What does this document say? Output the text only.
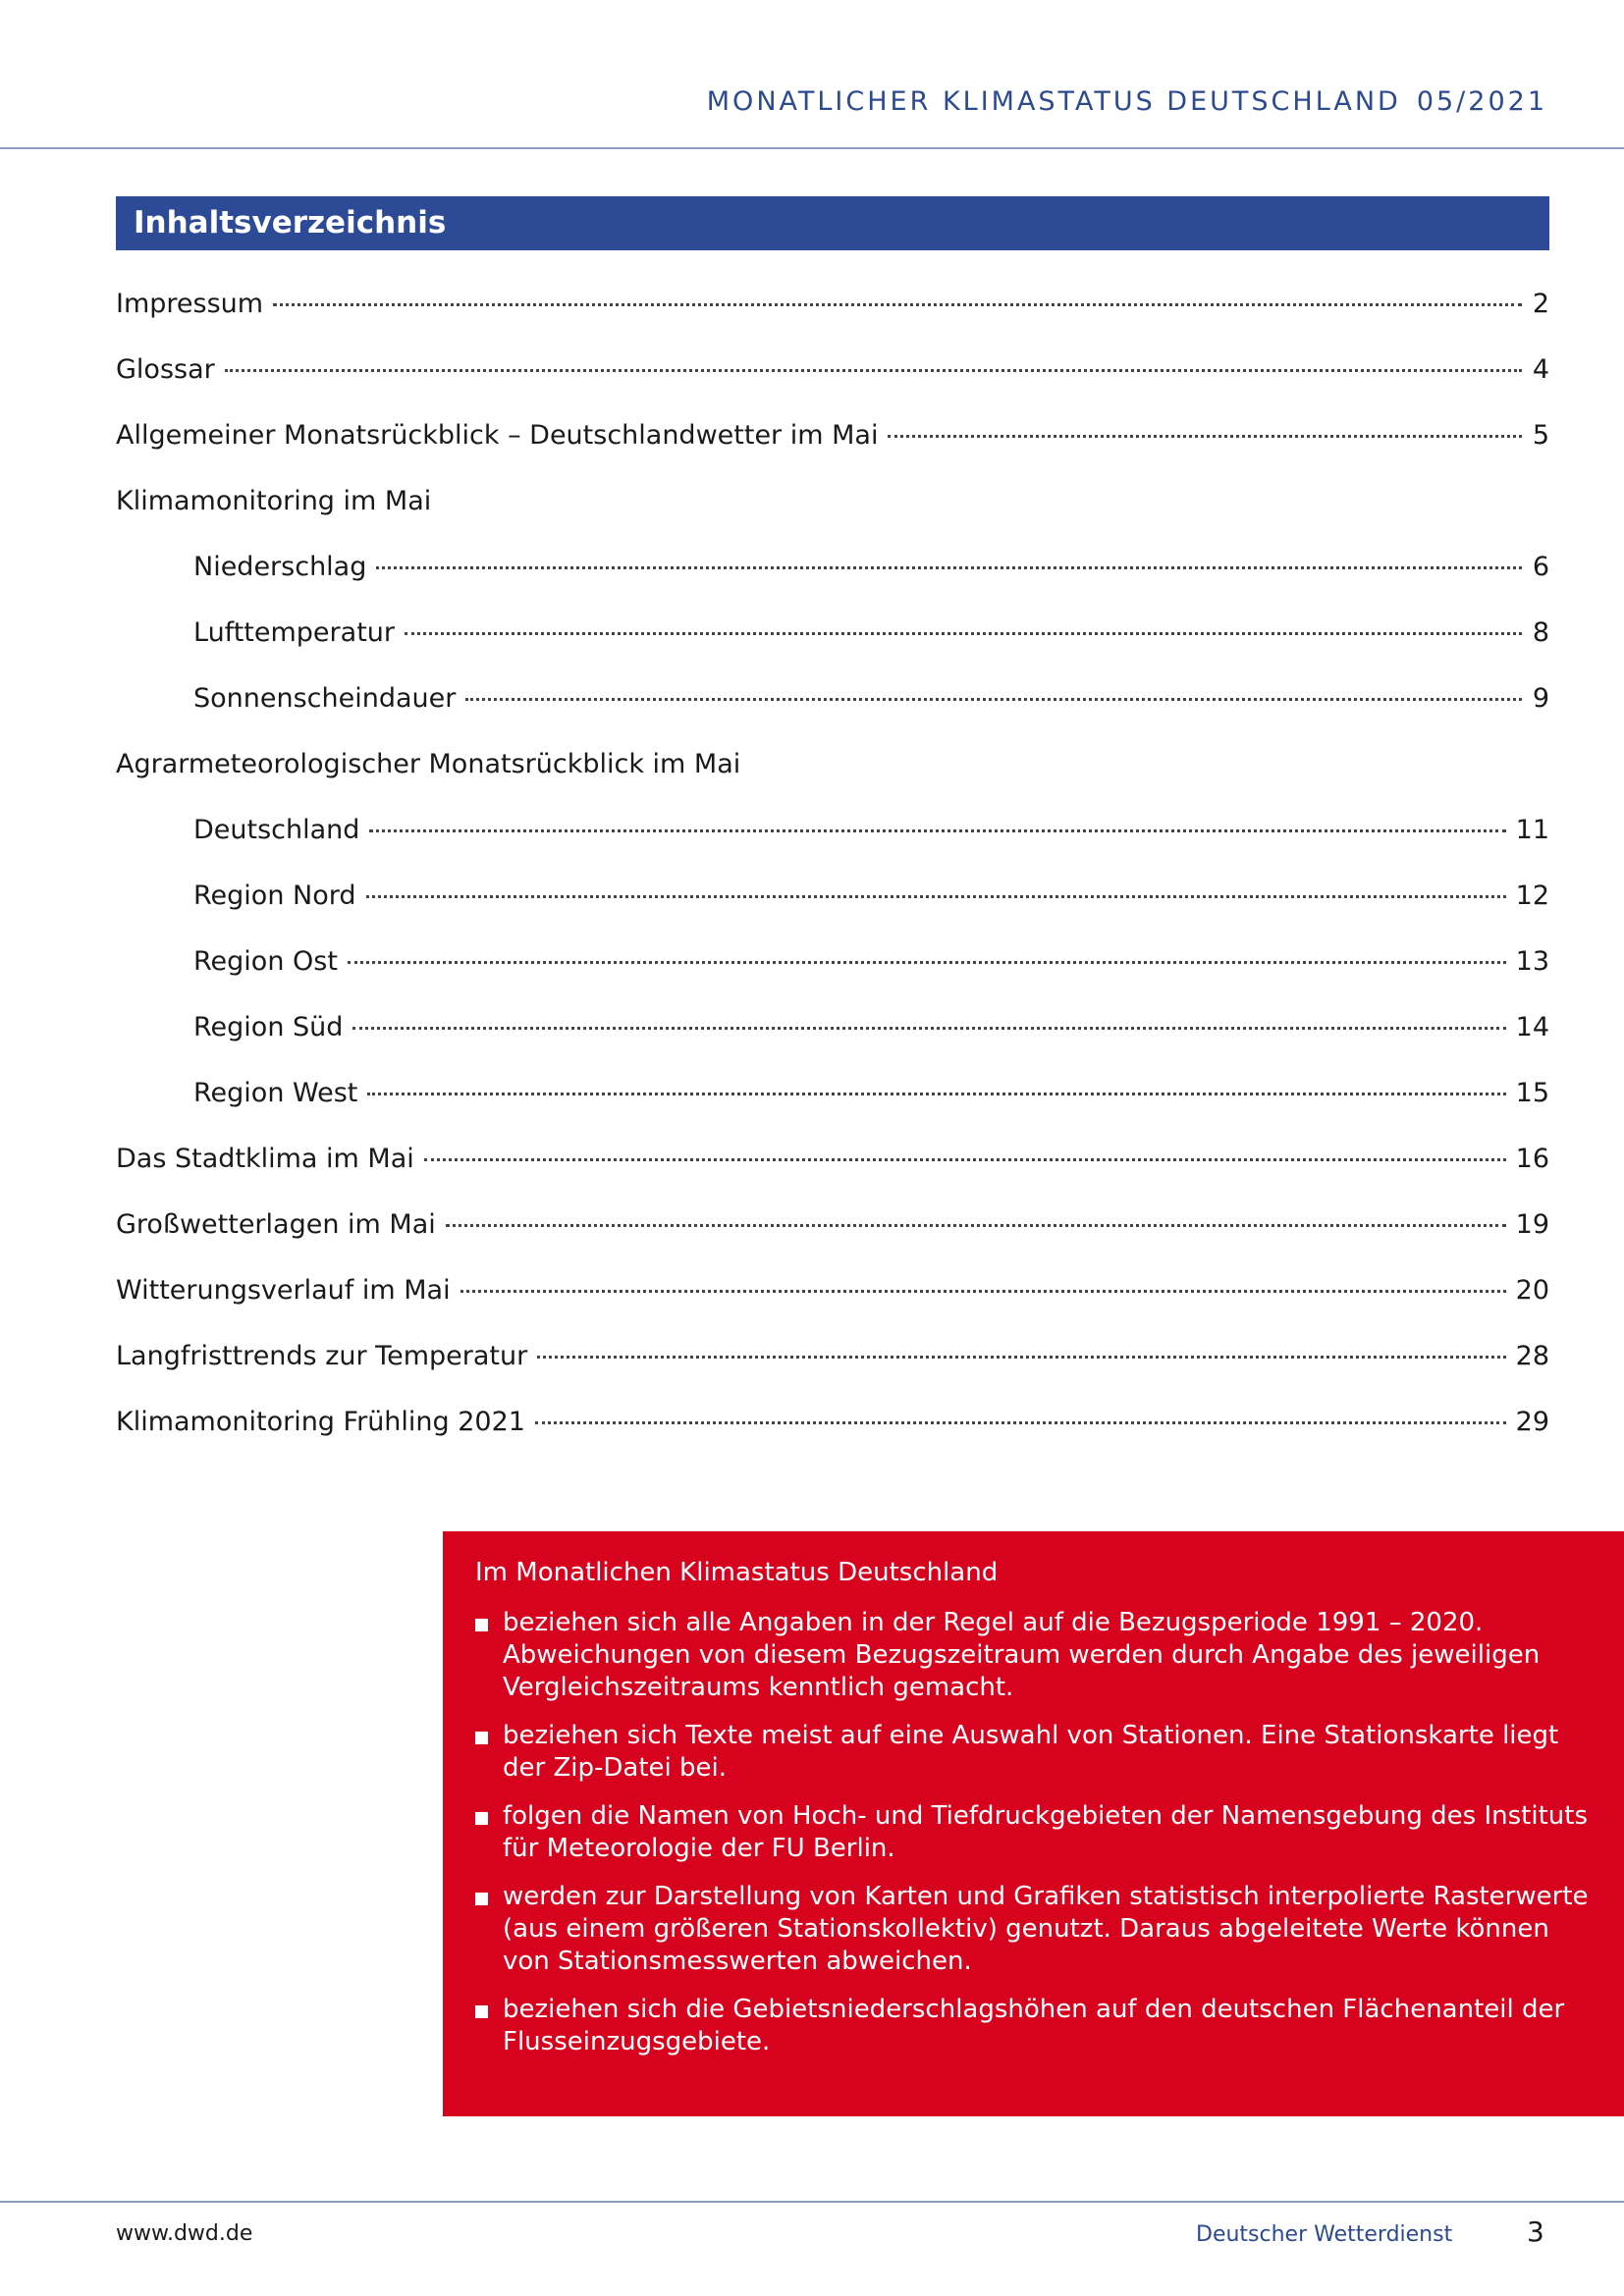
MONATLICHER KLIMASTATUS DEUTSCHLAND 05/2021
Inhaltsverzeichnis
Impressum	2
Glossar	4
Allgemeiner Monatsrückblick – Deutschlandwetter im Mai	5
Klimamonitoring im Mai
Niederschlag	6
Lufttemperatur	8
Sonnenscheindauer	9
Agrarmeteorologischer Monatsrückblick im Mai
Deutschland	11
Region Nord	12
Region Ost	13
Region Süd	14
Region West	15
Das Stadtklima im Mai	16
Großwetterlagen im Mai	19
Witterungsverlauf im Mai	20
Langfristtrends zur Temperatur	28
Klimamonitoring Frühling 2021	29
Im Monatlichen Klimastatus Deutschland
beziehen sich alle Angaben in der Regel auf die Bezugsperiode 1991 – 2020. Abweichungen von diesem Bezugszeitraum werden durch Angabe des jeweiligen Vergleichszeitraums kenntlich gemacht.
beziehen sich Texte meist auf eine Auswahl von Stationen. Eine Stationskarte liegt der Zip-Datei bei.
folgen die Namen von Hoch- und Tiefdruckgebieten der Namensgebung des Instituts für Meteorologie der FU Berlin.
werden zur Darstellung von Karten und Grafiken statistisch interpolierte Rasterwerte (aus einem größeren Stationskollektiv) genutzt. Daraus abgeleitete Werte können von Stationsmesswerten abweichen.
beziehen sich die Gebietsniederschlagshöhen auf den deutschen Flächenanteil der Flusseinzugsgebiete.
www.dwd.de	Deutscher Wetterdienst	3
